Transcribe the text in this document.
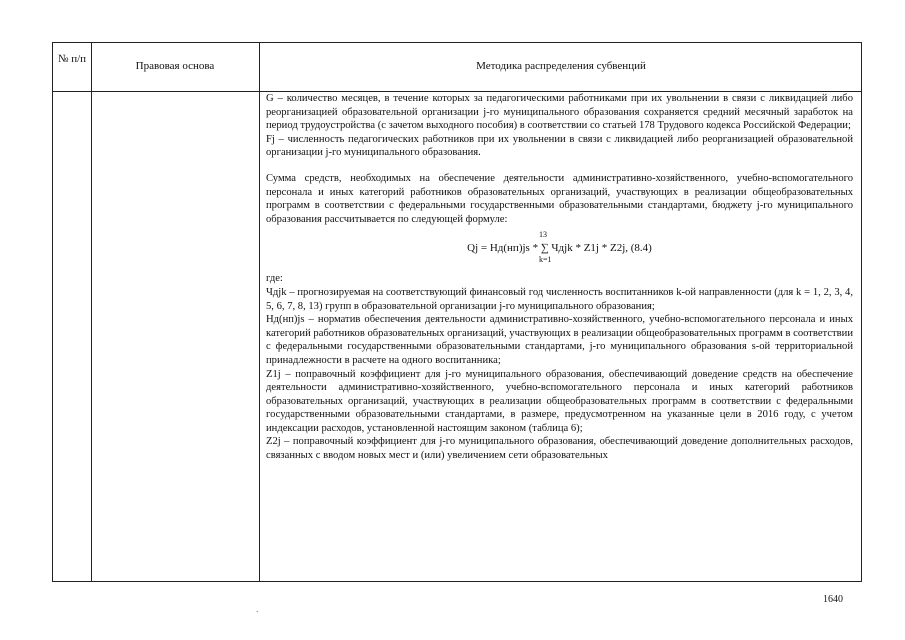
№ п/п
Правовая основа	Методика распределения субвенций

G – количество месяцев, в течение которых за педагогическими работниками при их увольнении в связи с ликвидацией либо реорганизацией образовательной организации j-го муниципального образования сохраняется средний месячный заработок на период трудоустройства (с зачетом выходного пособия) в соответствии со статьей 178 Трудового кодекса Российской Федерации;

Fj – численность педагогических работников при их увольнении в связи с ликвидацией либо реорганизацией образовательной организации j-го муниципального образования.

Сумма средств, необходимых на обеспечение деятельности административно-хозяйственного, учебно-вспомогательного персонала и иных категорий работников образовательных организаций, участвующих в реализации общеобразовательных программ в соответствии с федеральными государственными образовательными стандартами, бюджету j-го муниципального образования рассчитывается по следующей формуле:

13
Qj = Нд(нп)js * ∑ Чдjk * Z1j * Z2j, (8.4)
k=1

где:

Чдjk – прогнозируемая на соответствующий финансовый год численность воспитанников k-ой направленности (для k = 1, 2, 3, 4, 5, 6, 7, 8, 13) групп в образовательной организации j-го муниципального образования;

Нд(нп)js – норматив обеспечения деятельности административно-хозяйственного, учебно-вспомогательного персонала и иных категорий работников образовательных организаций, участвующих в реализации общеобразовательных программ в соответствии с федеральными государственными образовательными стандартами, j-го муниципального образования s-ой территориальной принадлежности в расчете на одного воспитанника;

Z1j – поправочный коэффициент для j-го муниципального образования, обеспечивающий доведение средств на обеспечение деятельности административно-хозяйственного, учебно-вспомогательного персонала и иных категорий работников образовательных организаций, участвующих в реализации общеобразовательных программ в соответствии с федеральными государственными образовательными стандартами, в размере, предусмотренном на указанные цели в 2016 году, с учетом индексации расходов, установленной настоящим законом (таблица 6);

Z2j – поправочный коэффициент для j-го муниципального образования, обеспечивающий доведение дополнительных расходов, связанных с вводом новых мест и (или) увеличением сети образовательных

.
1640
